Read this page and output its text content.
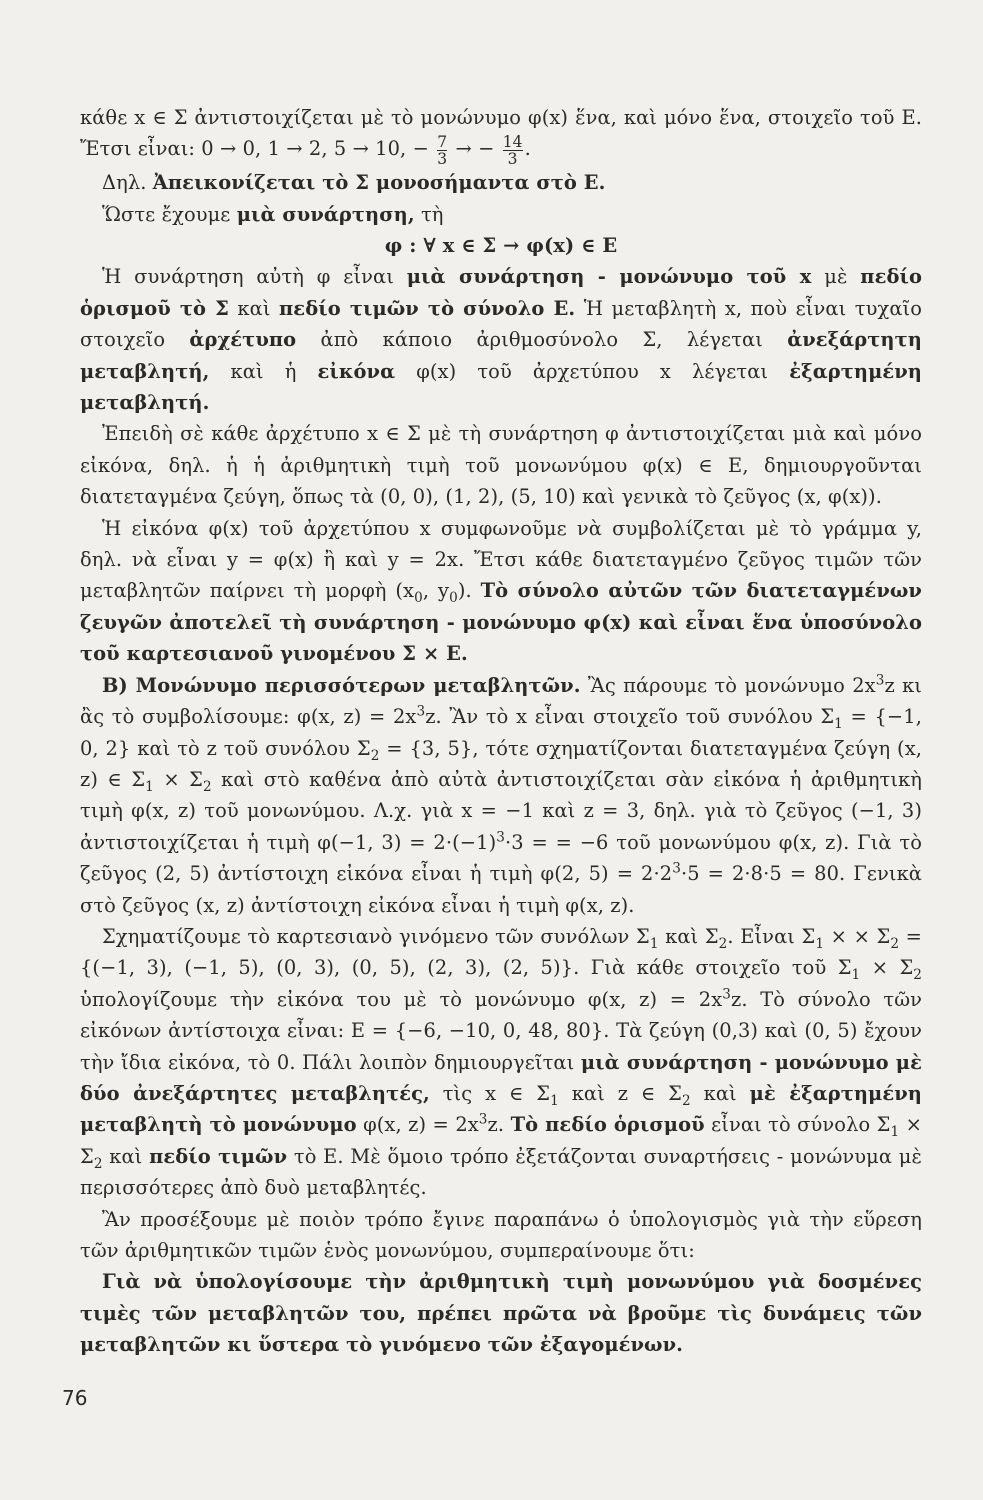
κάθε x ∈ Σ ἀντιστοιχίζεται μὲ τὸ μονώνυμο φ(x) ἕνα, καὶ μόνο ἕνα, στοιχεῖο τοῦ Ε. Ἔτσι εἶναι: 0 → 0, 1 → 2, 5 → 10, − $\frac{7}{3}$ → − $\frac{14}{3}$ .

Δηλ. Ἀπεικονίζεται τὸ Σ μονοσήμαντα στὸ Ε.

Ὥστε ἔχουμε μιὰ συνάρτηση, τὴ

φ : ∀ x ∈ Σ → φ(x) ∈ Ε

Ἡ συνάρτηση αὐτὴ φ εἶναι μιὰ συνάρτηση - μονώνυμο τοῦ x μὲ πεδίο ὁρισμοῦ τὸ Σ καὶ πεδίο τιμῶν τὸ σύνολο Ε. Ἡ μεταβλητὴ x, ποὺ εἶναι τυχαῖο στοιχεῖο ἀρχέτυπο ἀπὸ κάποιο ἀριθμοσύνολο Σ, λέγεται ἀνεξάρτητη μεταβλητή, καὶ ἡ εἰκόνα φ(x) τοῦ ἀρχετύπου x λέγεται ἐξαρτημένη μεταβλητή.

Ἐπειδὴ σὲ κάθε ἀρχέτυπο x ∈ Σ μὲ τὴ συνάρτηση φ ἀντιστοιχίζεται μιὰ καὶ μόνο εἰκόνα, δηλ. ἡ ἡ ἀριθμητικὴ τιμὴ τοῦ μονωνύμου φ(x) ∈ Ε, δημιουργοῦνται διατεταγμένα ζεύγη, ὅπως τὰ (0, 0), (1, 2), (5, 10) καὶ γενικὰ τὸ ζεῦγος (x, φ(x)).

Ἡ εἰκόνα φ(x) τοῦ ἀρχετύπου x συμφωνοῦμε νὰ συμβολίζεται μὲ τὸ γράμμα y, δηλ. νὰ εἶναι y = φ(x) ἢ καὶ y = 2x. Ἔτσι κάθε διατεταγμένο ζεῦγος τιμῶν τῶν μεταβλητῶν παίρνει τὴ μορφὴ ($x_0$, $y_0$). Τὸ σύνολο αὐτῶν τῶν διατεταγμένων ζευγῶν ἀποτελεῖ τὴ συνάρτηση - μονώνυμο φ(x) καὶ εἶναι ἕνα ὑποσύνολο τοῦ καρτεσιανοῦ γινομένου Σ × Ε.

Β) Μονώνυμο περισσότερων μεταβλητῶν. Ἂς πάρουμε τὸ μονώνυμο $2x^3z$ κι ἂς τὸ συμβολίσουμε: φ(x, $z) = 2x^3z$. Ἂν τὸ x εἶναι στοιχεῖο τοῦ συνόλου $\Sigma_1 = \{-1$, 0, 2} καὶ τὸ z τοῦ συνόλου $\Sigma_2 = \{3$, 5}, τότε σχηματίζονται διατεταγμένα ζεύγη (x, z) ∈ $\Sigma_1 \times \Sigma_2$ καὶ στὸ καθένα ἀπὸ αὐτὰ ἀντιστοιχίζεται σὰν εἰκόνα ἡ ἀριθμητικὴ τιμὴ φ(x, z) τοῦ μονωνύμου. Λ.χ. γιὰ x = −1 καὶ z = 3, δηλ. γιὰ τὸ ζεῦγος (−1, 3) ἀντιστοιχίζεται ἡ τιμὴ φ(−1, $3) = 2\cdot(-1)^3\cdot 3$ = = −6 τοῦ μονωνύμου φ(x, z). Γιὰ τὸ ζεῦγος (2, 5) ἀντίστοιχη εἰκόνα εἶναι ἡ τιμὴ φ(2, $5) = 2\cdot 2^3\cdot 5 = 2\cdot 8\cdot 5 = 80$. Γενικὰ στὸ ζεῦγος (x, z) ἀντίστοιχη εἰκόνα εἶναι ἡ τιμὴ φ(x, z).

Σχηματίζουμε τὸ καρτεσιανὸ γινόμενο τῶν συνόλων $\Sigma_1$ καὶ $\Sigma_2$. Εἶναι $\Sigma_1$ × × $\Sigma_2 = \{(-1$, 3), (−1, 5), (0, 3), (0, 5), (2, 3), (2, 5)}. Γιὰ κάθε στοιχεῖο τοῦ $\Sigma_1 \times \Sigma_2$ ὑπολογίζουμε τὴν εἰκόνα του μὲ τὸ μονώνυμο φ(x, $z) = 2x^3z$. Τὸ σύνολο τῶν εἰκόνων ἀντίστοιχα εἶναι: Ε = {−6, −10, 0, 48, 80}. Τὰ ζεύγη (0,3) καὶ (0, 5) ἔχουν τὴν ἴδια εἰκόνα, τὸ 0. Πάλι λοιπὸν δημιουργεῖται μιὰ συνάρτηση - μονώνυμο μὲ δύο ἀνεξάρτητες μεταβλητές, τὶς x ∈ $\Sigma_1$ καὶ z ∈ $\Sigma_2$ καὶ μὲ ἐξαρτημένη μεταβλητὴ τὸ μονώνυμο φ(x, $z) = 2x^3z$. Τὸ πεδίο ὁρισμοῦ εἶναι τὸ σύνολο $\Sigma_1 \times \Sigma_2$ καὶ πεδίο τιμῶν τὸ Ε. Μὲ ὅμοιο τρόπο ἐξετάζονται συναρτήσεις - μονώνυμα μὲ περισσότερες ἀπὸ δυὸ μεταβλητές.

Ἂν προσέξουμε μὲ ποιὸν τρόπο ἔγινε παραπάνω ὁ ὑπολογισμὸς γιὰ τὴν εὕρεση τῶν ἀριθμητικῶν τιμῶν ἑνὸς μονωνύμου, συμπεραίνουμε ὅτι:

Γιὰ νὰ ὑπολογίσουμε τὴν ἀριθμητικὴ τιμὴ μονωνύμου γιὰ δοσμένες τιμὲς τῶν μεταβλητῶν του, πρέπει πρῶτα νὰ βροῦμε τὶς δυνάμεις τῶν μεταβλητῶν κι ὕστερα τὸ γινόμενο τῶν ἐξαγομένων.

76
